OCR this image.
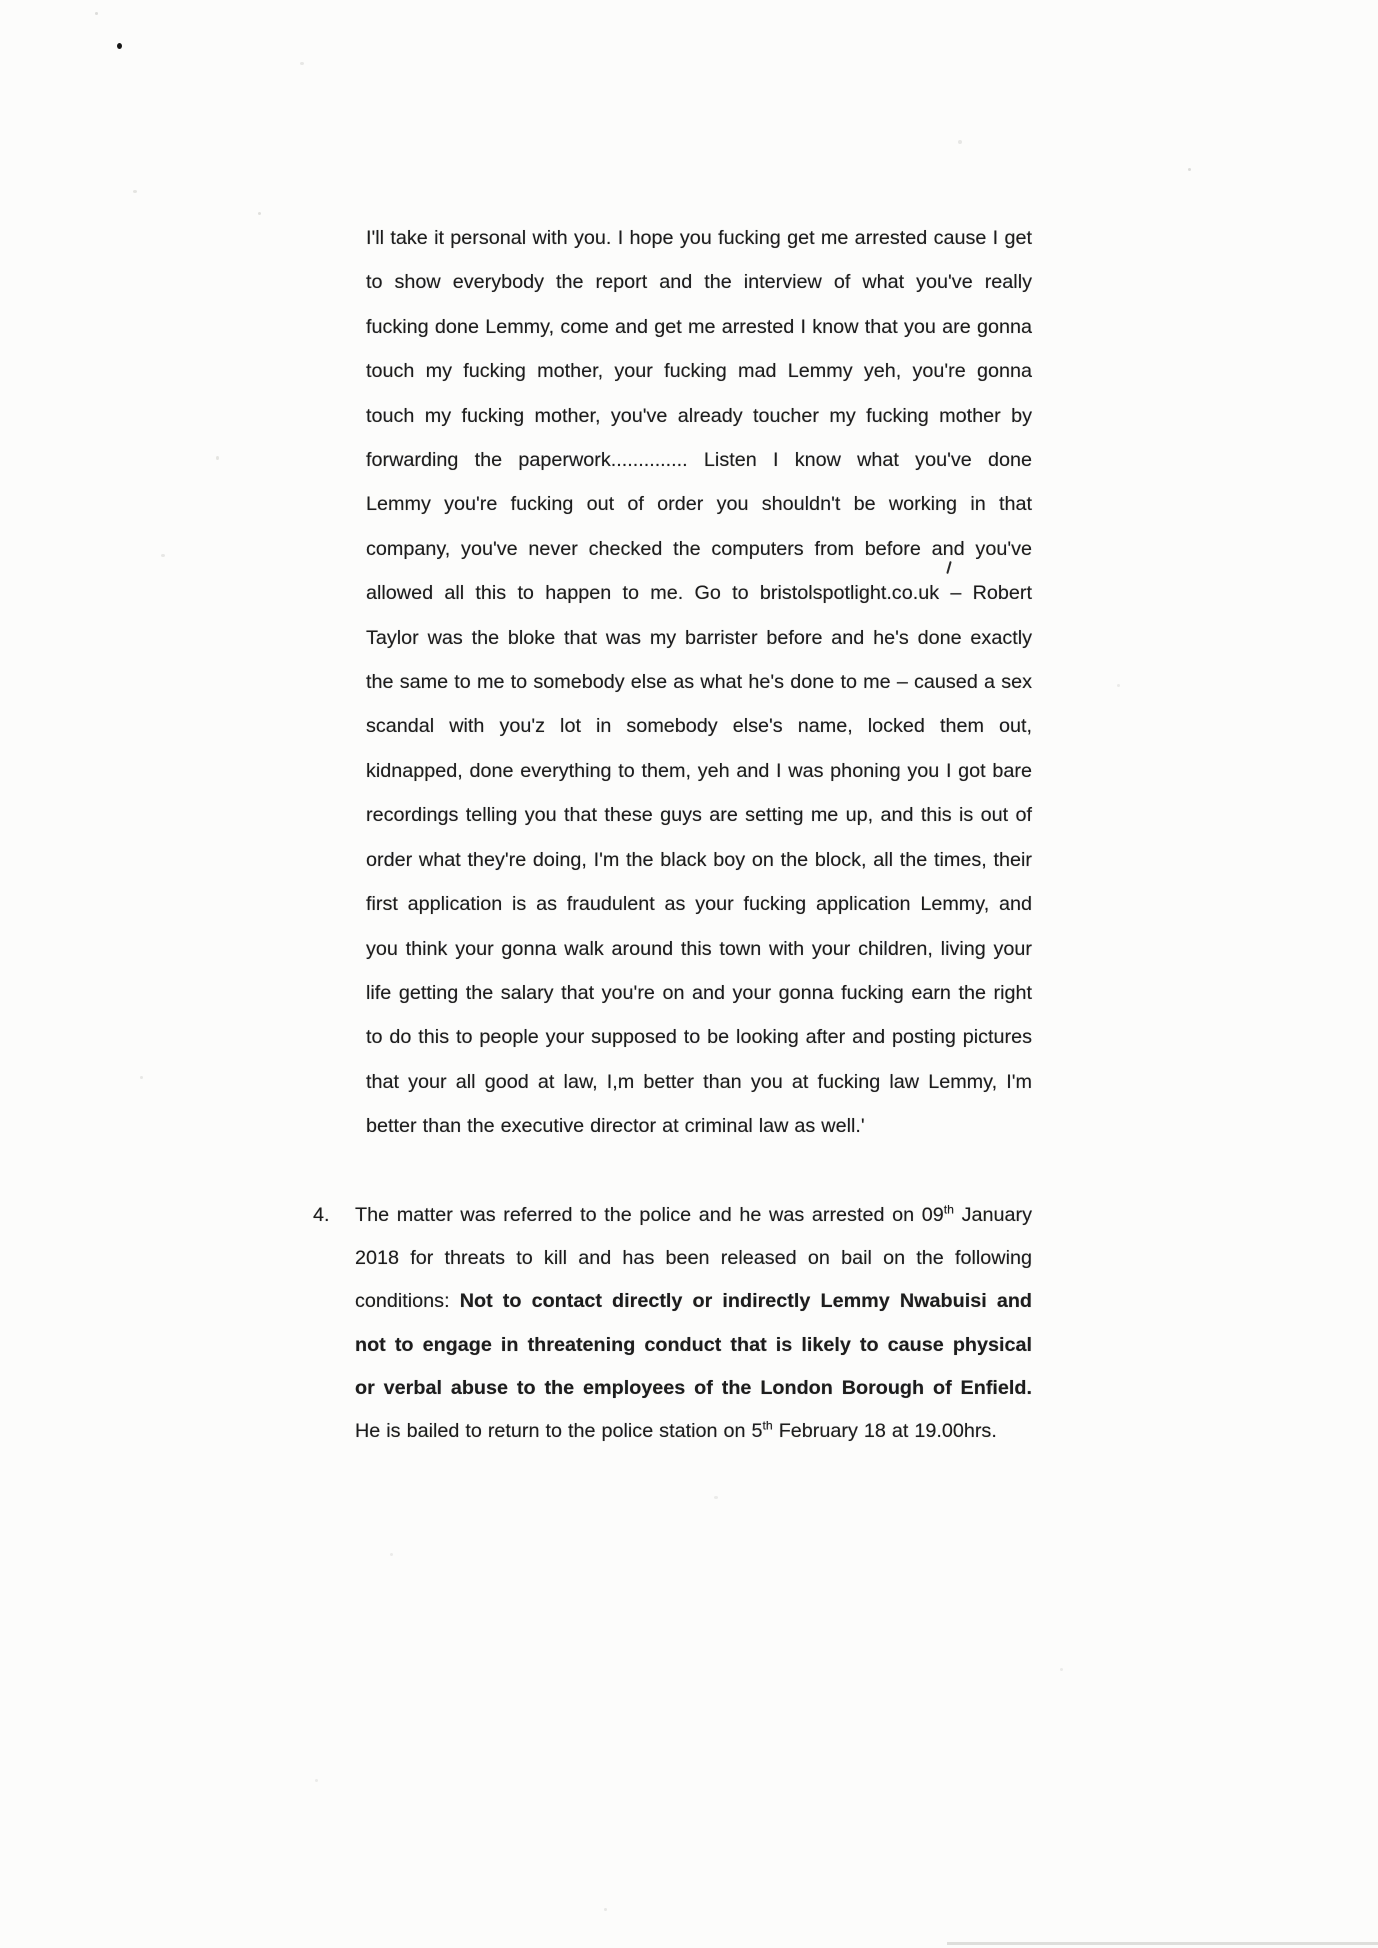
I'll take it personal with you. I hope you fucking get me arrested cause I get
to show everybody the report and the interview of what you've really
fucking done Lemmy, come and get me arrested I know that you are gonna
touch my fucking mother, your fucking mad Lemmy yeh, you're gonna
touch my fucking mother, you've already toucher my fucking mother by
forwarding the paperwork.............. Listen I know what you've done
Lemmy you're fucking out of order you shouldn't be working in that
company, you've never checked the computers from before and you've
allowed all this to happen to me. Go to bristolspotlight.co.uk – Robert
Taylor was the bloke that was my barrister before and he's done exactly
the same to me to somebody else as what he's done to me – caused a sex
scandal with you'z lot in somebody else's name, locked them out,
kidnapped, done everything to them, yeh and I was phoning you I got bare
recordings telling you that these guys are setting me up, and this is out of
order what they're doing, I'm the black boy on the block, all the times, their
first application is as fraudulent as your fucking application Lemmy, and
you think your gonna walk around this town with your children, living your
life getting the salary that you're on and your gonna fucking earn the right
to do this to people your supposed to be looking after and posting pictures
that your all good at law, I,m better than you at fucking law Lemmy, I'm
better than the executive director at criminal law as well.'
4. The matter was referred to the police and he was arrested on 09th January
2018 for threats to kill and has been released on bail on the following
conditions: Not to contact directly or indirectly Lemmy Nwabuisi and
not to engage in threatening conduct that is likely to cause physical
or verbal abuse to the employees of the London Borough of Enfield.
He is bailed to return to the police station on 5th February 18 at 19.00hrs.
